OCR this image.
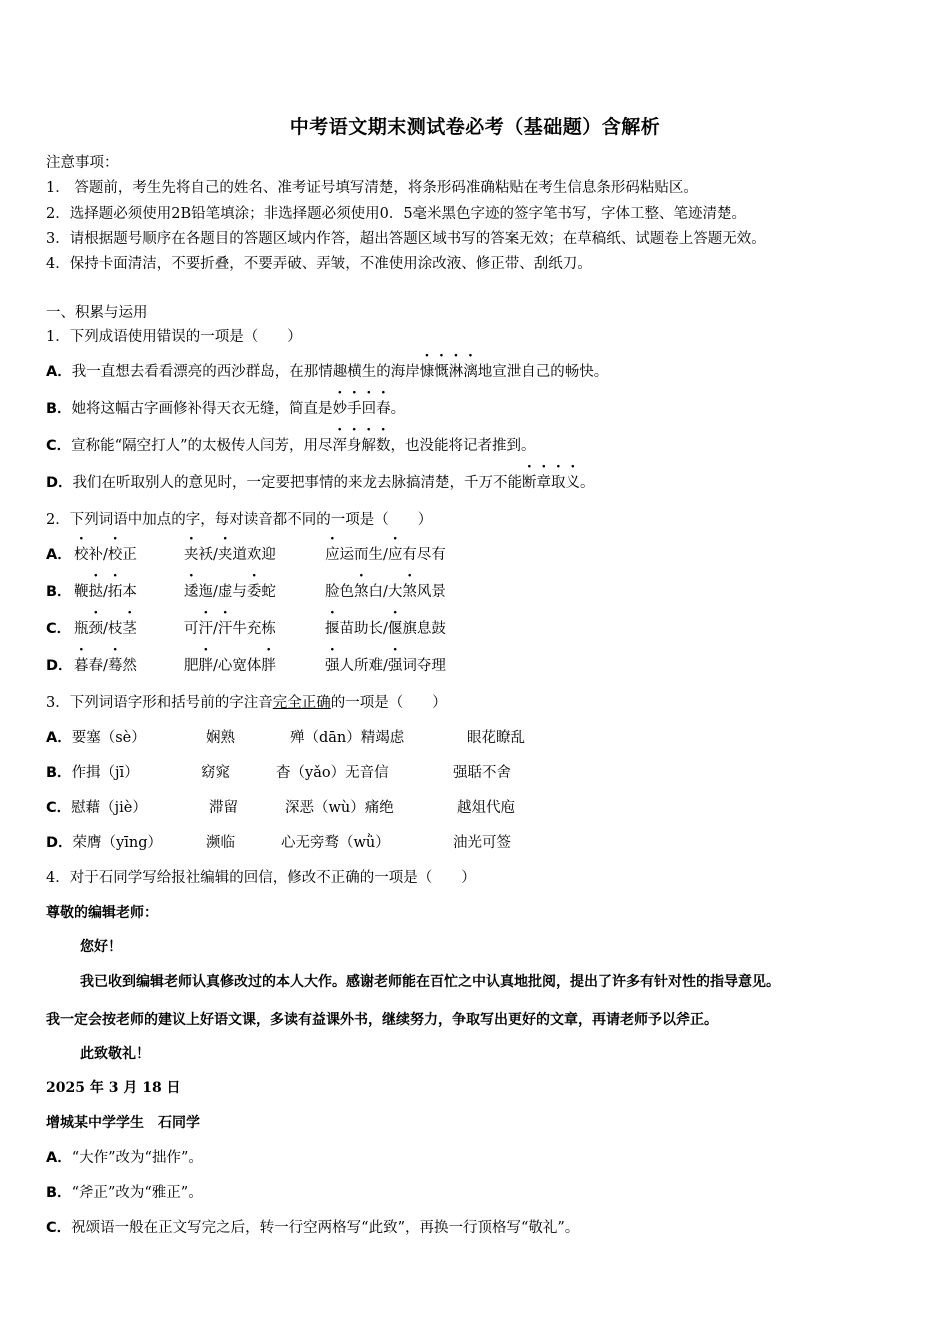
中考语文期末测试卷必考（基础题）含解析
注意事项：
1． 答题前，考生先将自己的姓名、准考证号填写清楚，将条形码准确粘贴在考生信息条形码粘贴区。
2．选择题必须使用2B铅笔填涂；非选择题必须使用0．5毫米黑色字迹的签字笔书写，字体工整、笔迹清楚。
3．请根据题号顺序在各题目的答题区域内作答，超出答题区域书写的答案无效；在草稿纸、试题卷上答题无效。
4．保持卡面清洁，不要折叠，不要弄破、弄皱，不准使用涂改液、修正带、刮纸刀。
一、积累与运用
1．下列成语使用错误的一项是（　　）
A．我一直想去看看漂亮的西沙群岛，在那情趣横生的海岸慷慨淋漓地宣泄自己的畅快。
B．她将这幅古字画修补得天衣无缝，简直是妙手回春。
C．宣称能“隔空打人”的太极传人闫芳，用尽浑身解数，也没能将记者推到。
D．我们在听取别人的意见时，一定要把事情的来龙去脉搞清楚，千万不能断章取义。
2．下列词语中加点的字，每对读音都不同的一项是（　　）
A． 校补/校正	夹袄/夹道欢迎	应运而生/应有尽有
B． 鞭挞/拓本	逶迤/虚与委蛇	脸色煞白/大煞风景
C． 瓶颈/枝茎	可汗/汗牛充栋	揠苗助长/偃旗息鼓
D． 暮春/蓦然	肥胖/心宽体胖	强人所难/强词夺理
3．下列词语字形和括号前的字注音完全正确的一项是（　　）
A．要塞（sè）	娴熟	殚（dān）精竭虑	眼花瞭乱
B．作揖（jī）	窈窕	杳（yǎo）无音信	强聒不舍
C．慰藉（jiè）	滞留	深恶（wù）痛绝	越俎代庖
D．荣膺（yīng）	濒临	心无旁骛（wǜ）	油光可签
4．对于石同学写给报社编辑的回信，修改不正确的一项是（　　）
尊敬的编辑老师：
您好！
我已收到编辑老师认真修改过的本人大作。感谢老师能在百忙之中认真地批阅，提出了许多有针对性的指导意见。
我一定会按老师的建议上好语文课，多读有益课外书，继续努力，争取写出更好的文章，再请老师予以斧正。
此致敬礼！
2025 年 3 月 18 日
增城某中学学生　石同学
A．“大作”改为“拙作”。
B．“斧正”改为“雅正”。
C．祝颂语一般在正文写完之后，转一行空两格写“此致”，再换一行顶格写“敬礼”。
